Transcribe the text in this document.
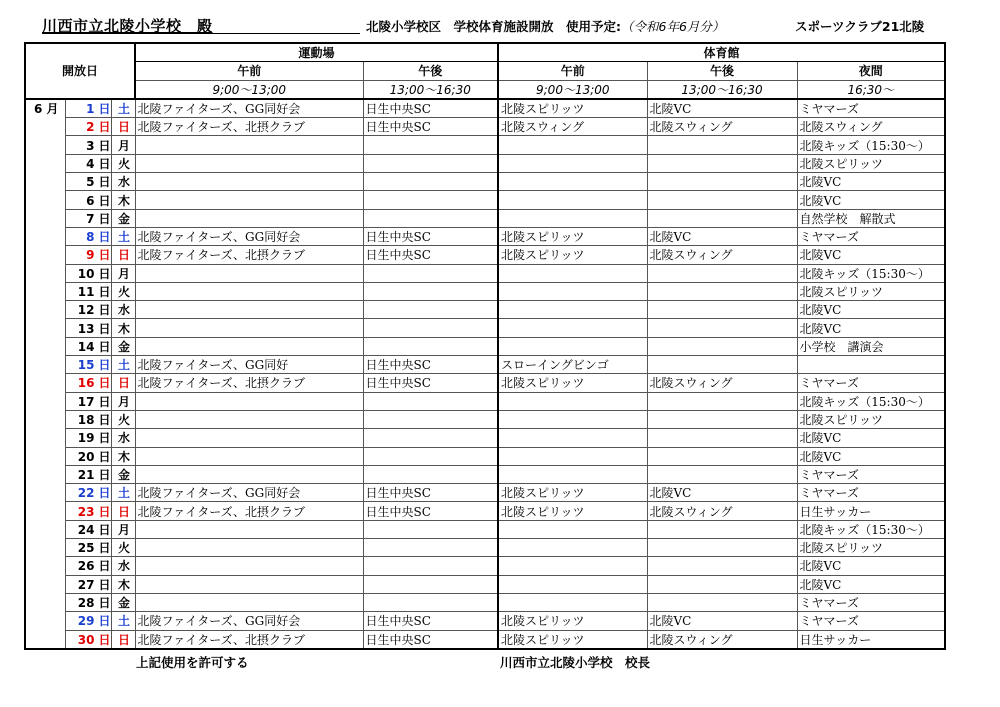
川西市立北陵小学校　殿	北陵小学校区　学校体育施設開放　使用予定:（令和6年6月分）	スポーツクラブ21北陵
開放日			運動場		体育館		
			午前	午後	午前	午後	夜間
			9;00～13;00	13;00～16;30	9;00～13;00	13;00～16;30	16;30～
6 月	1 日	土	北陵ファイターズ、GG同好会	日生中央SC	北陵スピリッツ	北陵VC	ミヤマーズ
	2 日	日	北陵ファイターズ、北摂クラブ	日生中央SC	北陵スウィング	北陵スウィング	北陵スウィング
	3 日	月					北陵キッズ（15:30～）
	4 日	火					北陵スピリッツ
	5 日	水					北陵VC
	6 日	木					北陵VC
	7 日	金					自然学校　解散式
	8 日	土	北陵ファイターズ、GG同好会	日生中央SC	北陵スピリッツ	北陵VC	ミヤマーズ
	9 日	日	北陵ファイターズ、北摂クラブ	日生中央SC	北陵スピリッツ	北陵スウィング	北陵VC
	10 日	月					北陵キッズ（15:30～）
	11 日	火					北陵スピリッツ
	12 日	水					北陵VC
	13 日	木					北陵VC
	14 日	金					小学校　講演会
	15 日	土	北陵ファイターズ、GG同好	日生中央SC	スローイングビンゴ		
	16 日	日	北陵ファイターズ、北摂クラブ	日生中央SC	北陵スピリッツ	北陵スウィング	ミヤマーズ
	17 日	月					北陵キッズ（15:30～）
	18 日	火					北陵スピリッツ
	19 日	水					北陵VC
	20 日	木					北陵VC
	21 日	金					ミヤマーズ
	22 日	土	北陵ファイターズ、GG同好会	日生中央SC	北陵スピリッツ	北陵VC	ミヤマーズ
	23 日	日	北陵ファイターズ、北摂クラブ	日生中央SC	北陵スピリッツ	北陵スウィング	日生サッカー
	24 日	月					北陵キッズ（15:30～）
	25 日	火					北陵スピリッツ
	26 日	水					北陵VC
	27 日	木					北陵VC
	28 日	金					ミヤマーズ
	29 日	土	北陵ファイターズ、GG同好会	日生中央SC	北陵スピリッツ	北陵VC	ミヤマーズ
	30 日	日	北陵ファイターズ、北摂クラブ	日生中央SC	北陵スピリッツ	北陵スウィング	日生サッカー
上記使用を許可する	川西市立北陵小学校　校長
